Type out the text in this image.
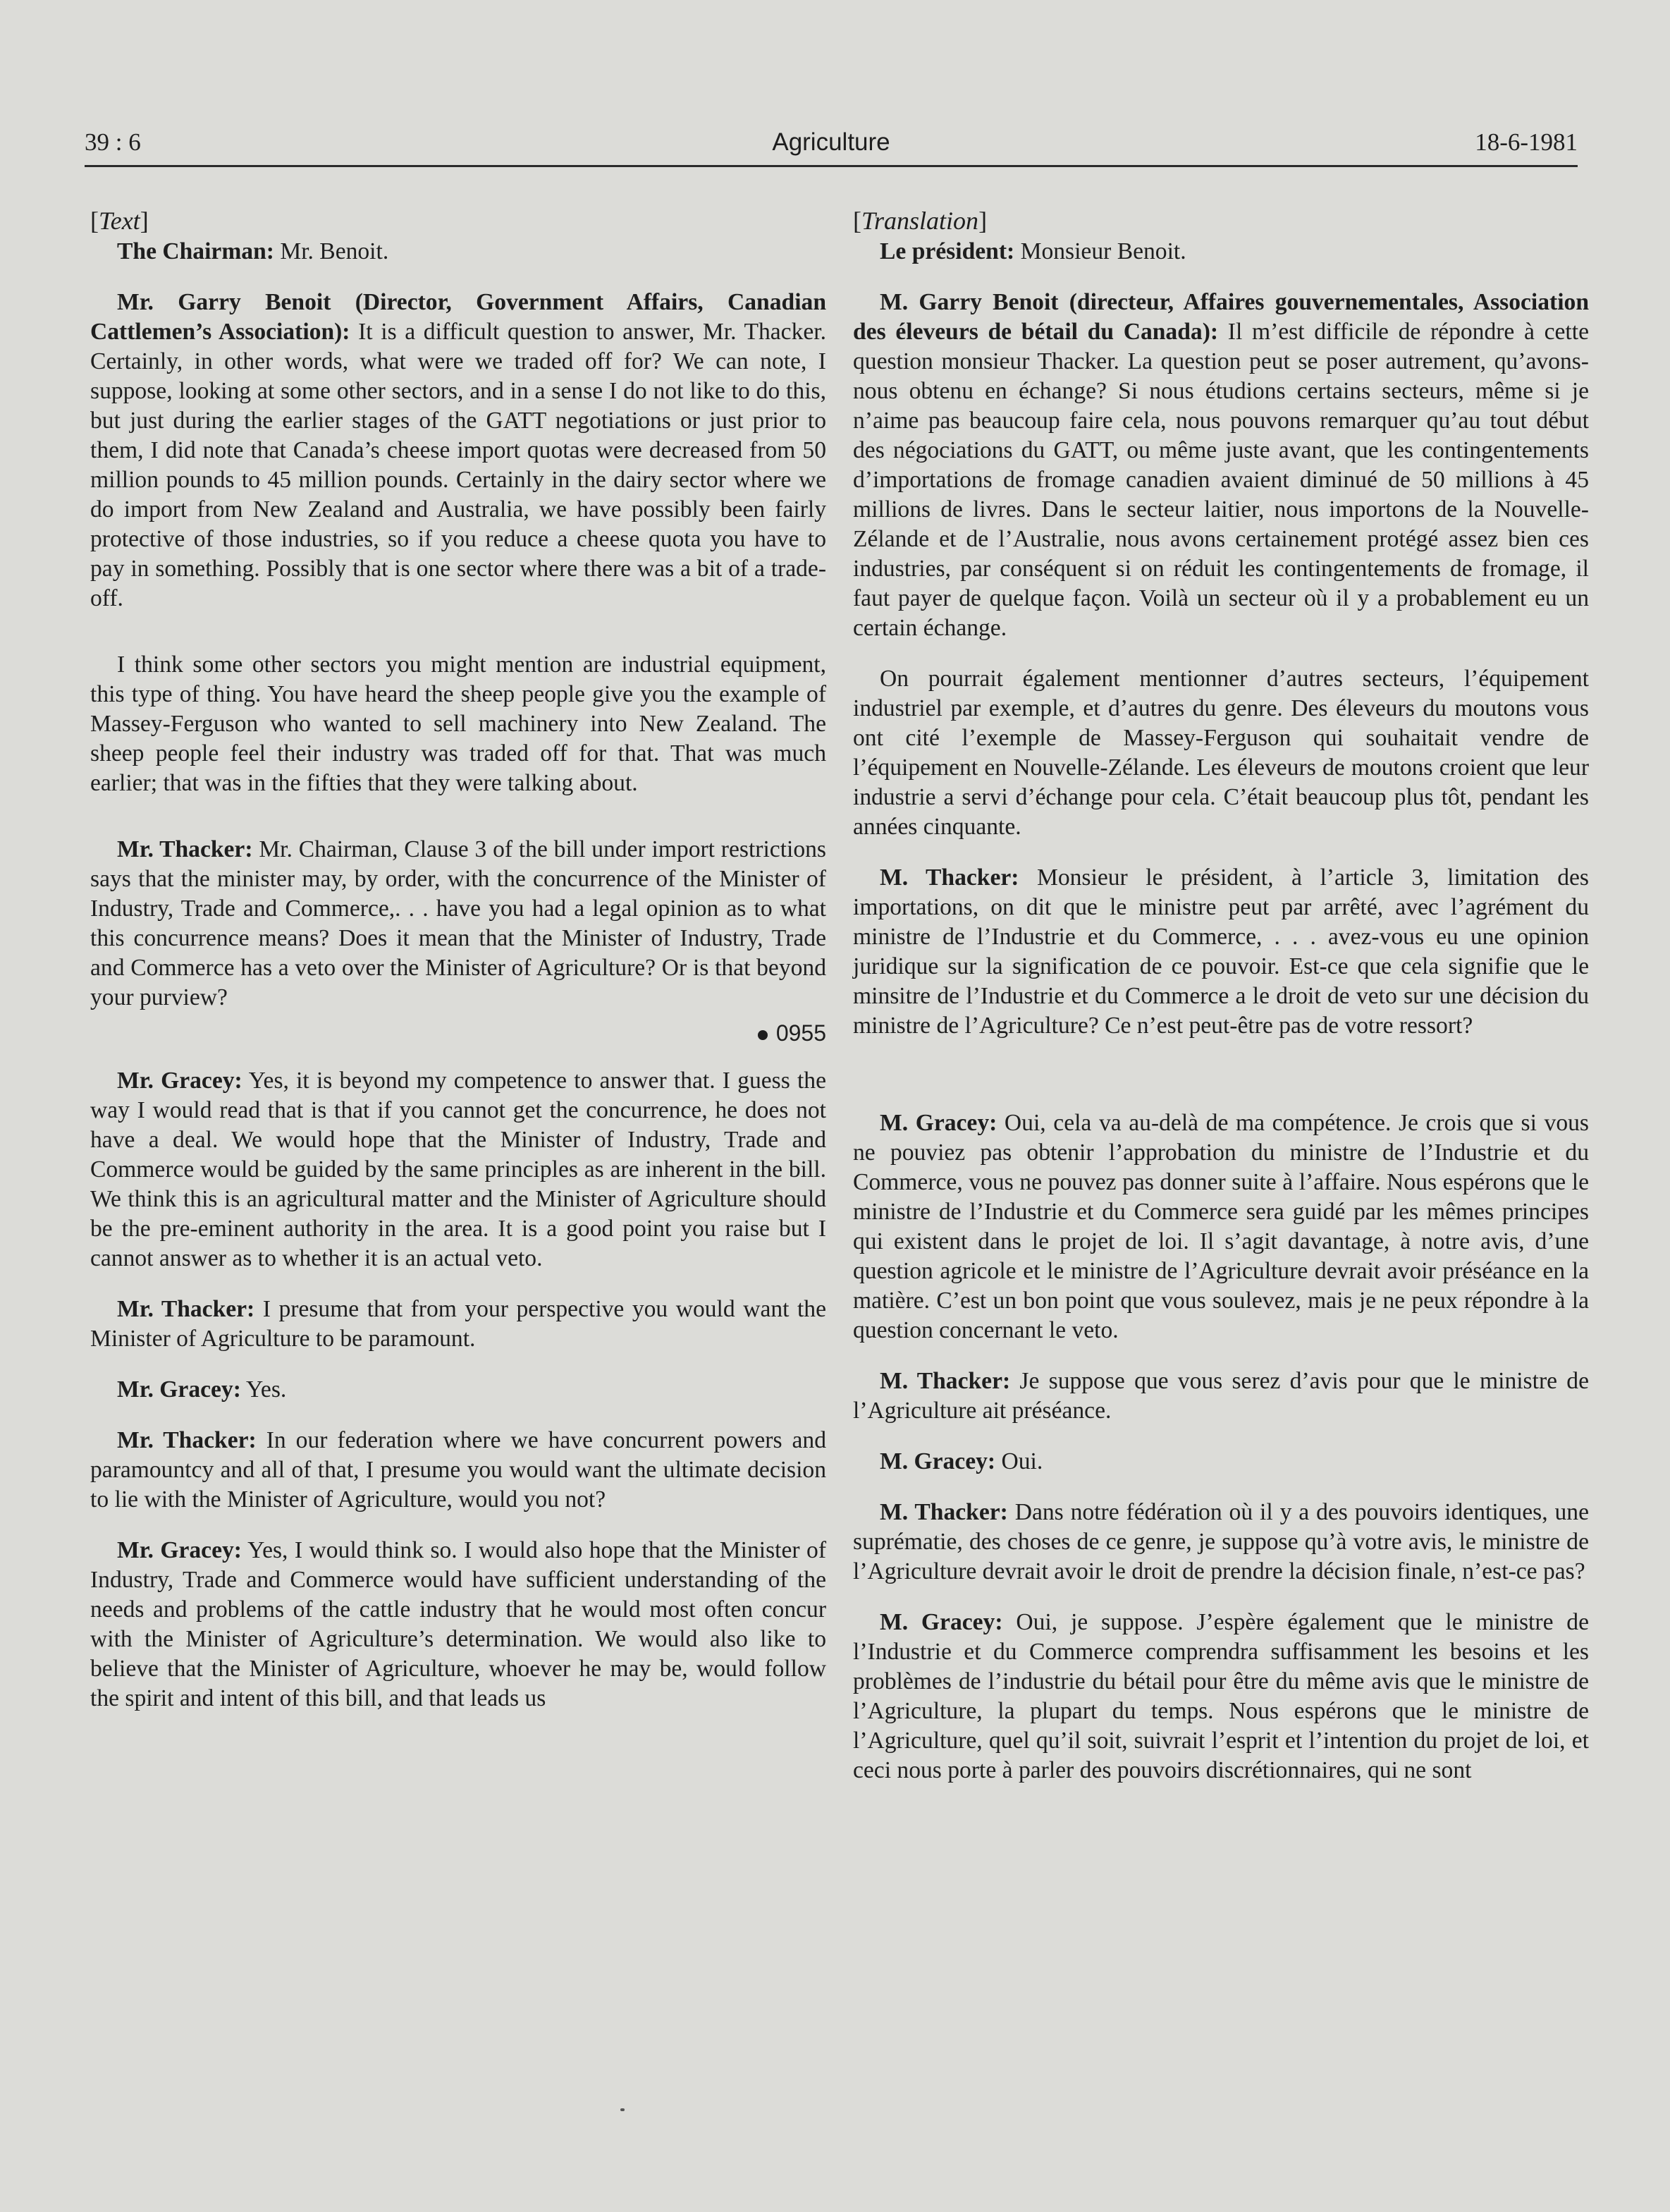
39 : 6	Agriculture	18-6-1981
[Text]

The Chairman: Mr. Benoit.

Mr. Garry Benoit (Director, Government Affairs, Canadian Cattlemen’s Association): It is a difficult question to answer, Mr. Thacker. Certainly, in other words, what were we traded off for? We can note, I suppose, looking at some other sectors, and in a sense I do not like to do this, but just during the earlier stages of the GATT negotiations or just prior to them, I did note that Canada’s cheese import quotas were decreased from 50 million pounds to 45 million pounds. Certainly in the dairy sector where we do import from New Zealand and Australia, we have possibly been fairly protective of those industries, so if you reduce a cheese quota you have to pay in something. Possibly that is one sector where there was a bit of a trade-off.

I think some other sectors you might mention are industrial equipment, this type of thing. You have heard the sheep people give you the example of Massey-Ferguson who wanted to sell machinery into New Zealand. The sheep people feel their industry was traded off for that. That was much earlier; that was in the fifties that they were talking about.

Mr. Thacker: Mr. Chairman, Clause 3 of the bill under import restrictions says that the minister may, by order, with the concurrence of the Minister of Industry, Trade and Commerce,. . . have you had a legal opinion as to what this concurrence means? Does it mean that the Minister of Industry, Trade and Commerce has a veto over the Minister of Agriculture? Or is that beyond your purview?

0955

Mr. Gracey: Yes, it is beyond my competence to answer that. I guess the way I would read that is that if you cannot get the concurrence, he does not have a deal. We would hope that the Minister of Industry, Trade and Commerce would be guided by the same principles as are inherent in the bill. We think this is an agricultural matter and the Minister of Agriculture should be the pre-eminent authority in the area. It is a good point you raise but I cannot answer as to whether it is an actual veto.

Mr. Thacker: I presume that from your perspective you would want the Minister of Agriculture to be paramount.

Mr. Gracey: Yes.

Mr. Thacker: In our federation where we have concurrent powers and paramountcy and all of that, I presume you would want the ultimate decision to lie with the Minister of Agriculture, would you not?

Mr. Gracey: Yes, I would think so. I would also hope that the Minister of Industry, Trade and Commerce would have sufficient understanding of the needs and problems of the cattle industry that he would most often concur with the Minister of Agriculture’s determination. We would also like to believe that the Minister of Agriculture, whoever he may be, would follow the spirit and intent of this bill, and that leads us

[Translation]

Le président: Monsieur Benoit.

M. Garry Benoit (directeur, Affaires gouvernementales, Association des éleveurs de bétail du Canada): Il m’est difficile de répondre à cette question monsieur Thacker. La question peut se poser autrement, qu’avons-nous obtenu en échange? Si nous étudions certains secteurs, même si je n’aime pas beaucoup faire cela, nous pouvons remarquer qu’au tout début des négociations du GATT, ou même juste avant, que les contingentements d’importations de fromage canadien avaient diminué de 50 millions à 45 millions de livres. Dans le secteur laitier, nous importons de la Nouvelle-Zélande et de l’Australie, nous avons certainement protégé assez bien ces industries, par conséquent si on réduit les contingentements de fromage, il faut payer de quelque façon. Voilà un secteur où il y a probablement eu un certain échange.

On pourrait également mentionner d’autres secteurs, l’équipement industriel par exemple, et d’autres du genre. Des éleveurs du moutons vous ont cité l’exemple de Massey-Ferguson qui souhaitait vendre de l’équipement en Nouvelle-Zélande. Les éleveurs de moutons croient que leur industrie a servi d’échange pour cela. C’était beaucoup plus tôt, pendant les années cinquante.

M. Thacker: Monsieur le président, à l’article 3, limitation des importations, on dit que le ministre peut par arrêté, avec l’agrément du ministre de l’Industrie et du Commerce, . . . avez-vous eu une opinion juridique sur la signification de ce pouvoir. Est-ce que cela signifie que le minsitre de l’Industrie et du Commerce a le droit de veto sur une décision du ministre de l’Agriculture? Ce n’est peut-être pas de votre ressort?

M. Gracey: Oui, cela va au-delà de ma compétence. Je crois que si vous ne pouviez pas obtenir l’approbation du ministre de l’Industrie et du Commerce, vous ne pouvez pas donner suite à l’affaire. Nous espérons que le ministre de l’Industrie et du Commerce sera guidé par les mêmes principes qui existent dans le projet de loi. Il s’agit davantage, à notre avis, d’une question agricole et le ministre de l’Agriculture devrait avoir préséance en la matière. C’est un bon point que vous soulevez, mais je ne peux répondre à la question concernant le veto.

M. Thacker: Je suppose que vous serez d’avis pour que le ministre de l’Agriculture ait préséance.

M. Gracey: Oui.

M. Thacker: Dans notre fédération où il y a des pouvoirs identiques, une suprématie, des choses de ce genre, je suppose qu’à votre avis, le ministre de l’Agriculture devrait avoir le droit de prendre la décision finale, n’est-ce pas?

M. Gracey: Oui, je suppose. J’espère également que le ministre de l’Industrie et du Commerce comprendra suffisamment les besoins et les problèmes de l’industrie du bétail pour être du même avis que le ministre de l’Agriculture, la plupart du temps. Nous espérons que le ministre de l’Agriculture, quel qu’il soit, suivrait l’esprit et l’intention du projet de loi, et ceci nous porte à parler des pouvoirs discrétionnaires, qui ne sont
